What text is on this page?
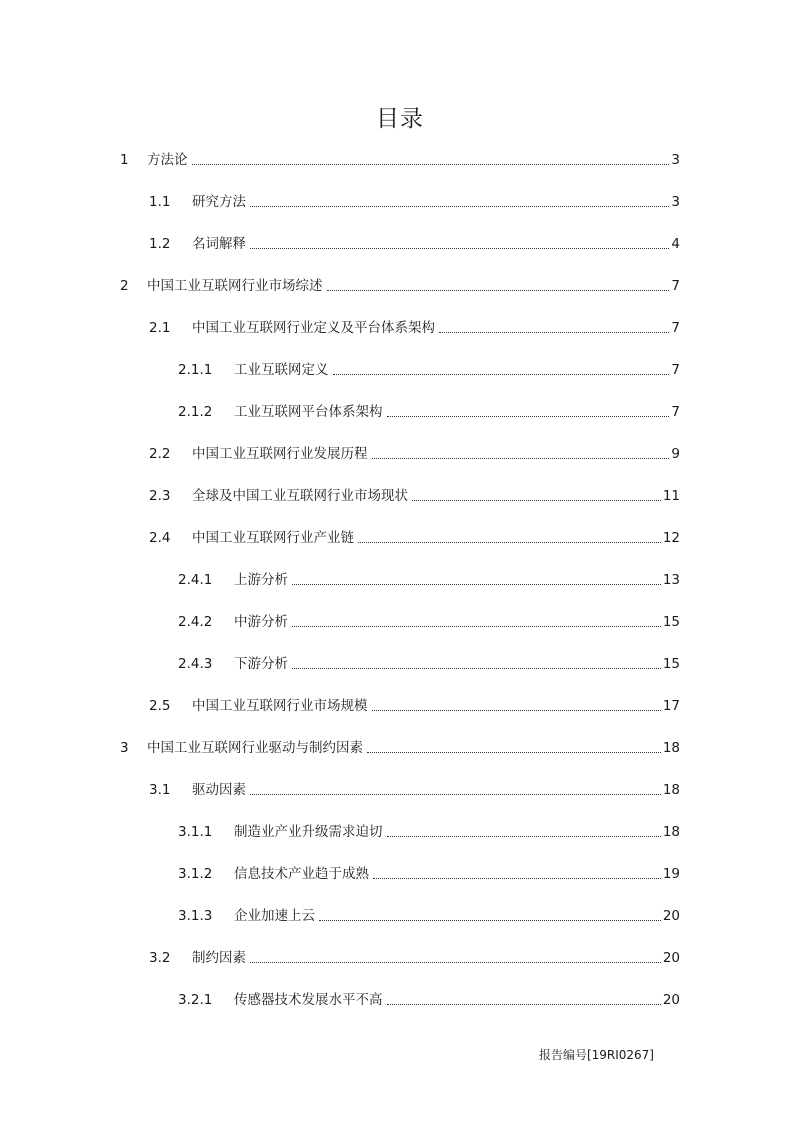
目录
1	方法论	3
1.1	研究方法	3
1.2	名词解释	4
2	中国工业互联网行业市场综述	7
2.1	中国工业互联网行业定义及平台体系架构	7
2.1.1	工业互联网定义	7
2.1.2	工业互联网平台体系架构	7
2.2	中国工业互联网行业发展历程	9
2.3	全球及中国工业互联网行业市场现状	11
2.4	中国工业互联网行业产业链	12
2.4.1	上游分析	13
2.4.2	中游分析	15
2.4.3	下游分析	15
2.5	中国工业互联网行业市场规模	17
3	中国工业互联网行业驱动与制约因素	18
3.1	驱动因素	18
3.1.1	制造业产业升级需求迫切	18
3.1.2	信息技术产业趋于成熟	19
3.1.3	企业加速上云	20
3.2	制约因素	20
3.2.1	传感器技术发展水平不高	20
报告编号[19RI0267]
